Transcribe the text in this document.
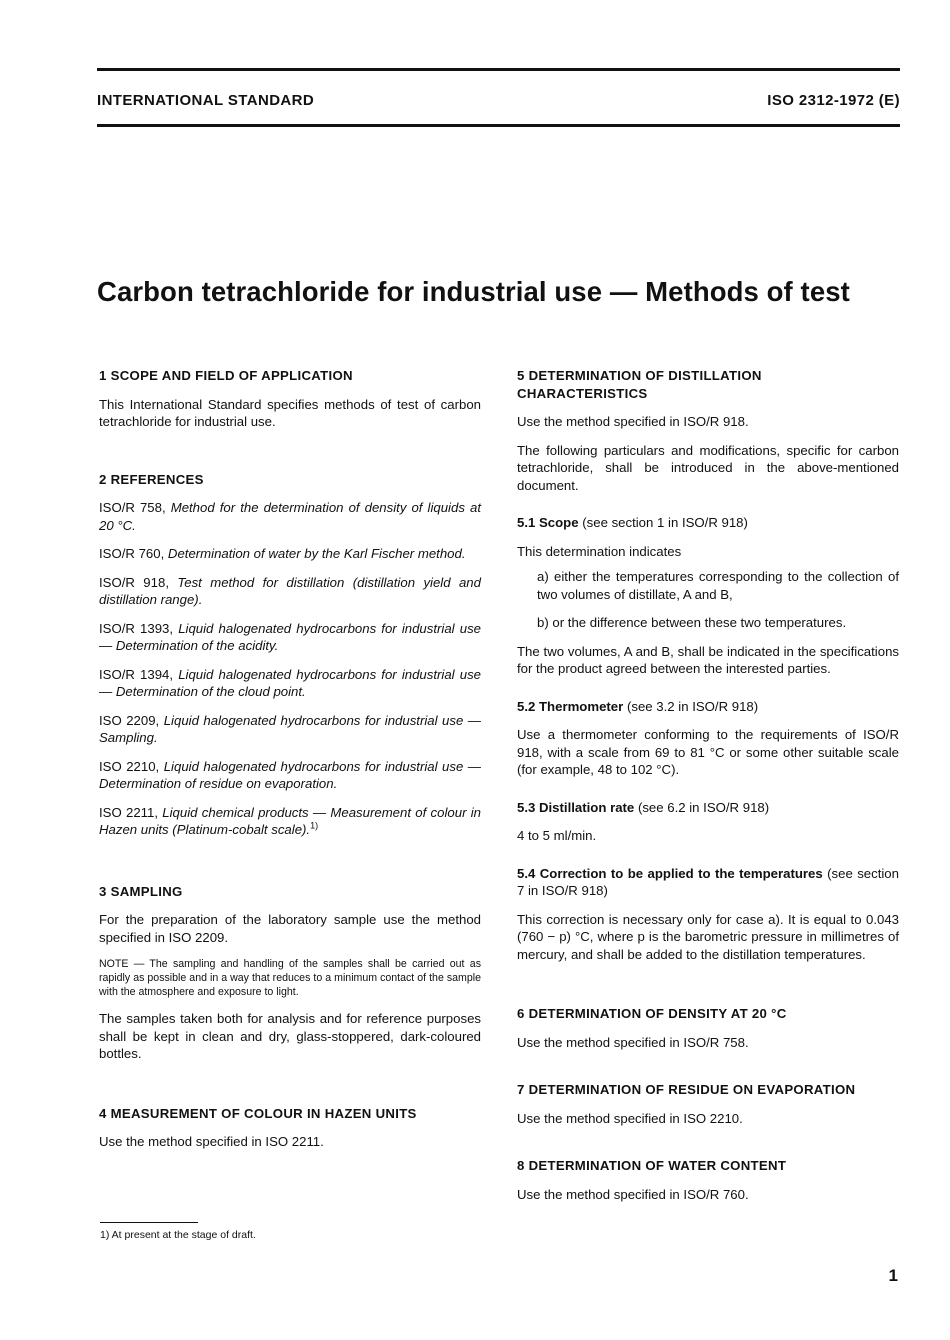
INTERNATIONAL STANDARD	ISO 2312-1972 (E)
Carbon tetrachloride for industrial use — Methods of test

1 SCOPE AND FIELD OF APPLICATION

This International Standard specifies methods of test of carbon tetrachloride for industrial use.

2 REFERENCES

ISO/R 758, Method for the determination of density of liquids at 20 °C.

ISO/R 760, Determination of water by the Karl Fischer method.

ISO/R 918, Test method for distillation (distillation yield and distillation range).

ISO/R 1393, Liquid halogenated hydrocarbons for industrial use — Determination of the acidity.

ISO/R 1394, Liquid halogenated hydrocarbons for industrial use — Determination of the cloud point.

ISO 2209, Liquid halogenated hydrocarbons for industrial use — Sampling.

ISO 2210, Liquid halogenated hydrocarbons for industrial use — Determination of residue on evaporation.

ISO 2211, Liquid chemical products — Measurement of colour in Hazen units (Platinum-cobalt scale).$^{1)}$

3 SAMPLING

For the preparation of the laboratory sample use the method specified in ISO 2209.

NOTE — The sampling and handling of the samples shall be carried out as rapidly as possible and in a way that reduces to a minimum contact of the sample with the atmosphere and exposure to light.

The samples taken both for analysis and for reference purposes shall be kept in clean and dry, glass-stoppered, dark-coloured bottles.

4 MEASUREMENT OF COLOUR IN HAZEN UNITS

Use the method specified in ISO 2211.

5 DETERMINATION OF DISTILLATION
CHARACTERISTICS

Use the method specified in ISO/R 918.

The following particulars and modifications, specific for carbon tetrachloride, shall be introduced in the above-mentioned document.

5.1 Scope (see section 1 in ISO/R 918)

This determination indicates

a) either the temperatures corresponding to the collection of two volumes of distillate, A and B,

b) or the difference between these two temperatures.

The two volumes, A and B, shall be indicated in the specifications for the product agreed between the interested parties.

5.2 Thermometer (see 3.2 in ISO/R 918)

Use a thermometer conforming to the requirements of ISO/R 918, with a scale from 69 to 81 °C or some other suitable scale (for example, 48 to 102 °C).

5.3 Distillation rate (see 6.2 in ISO/R 918)

4 to 5 ml/min.

5.4 Correction to be applied to the temperatures (see section 7 in ISO/R 918)

This correction is necessary only for case a). It is equal to 0.043 (760 − p) °C, where p is the barometric pressure in millimetres of mercury, and shall be added to the distillation temperatures.

6 DETERMINATION OF DENSITY AT 20 °C

Use the method specified in ISO/R 758.

7 DETERMINATION OF RESIDUE ON EVAPORATION

Use the method specified in ISO 2210.

8 DETERMINATION OF WATER CONTENT

Use the method specified in ISO/R 760.

1) At present at the stage of draft.
1
